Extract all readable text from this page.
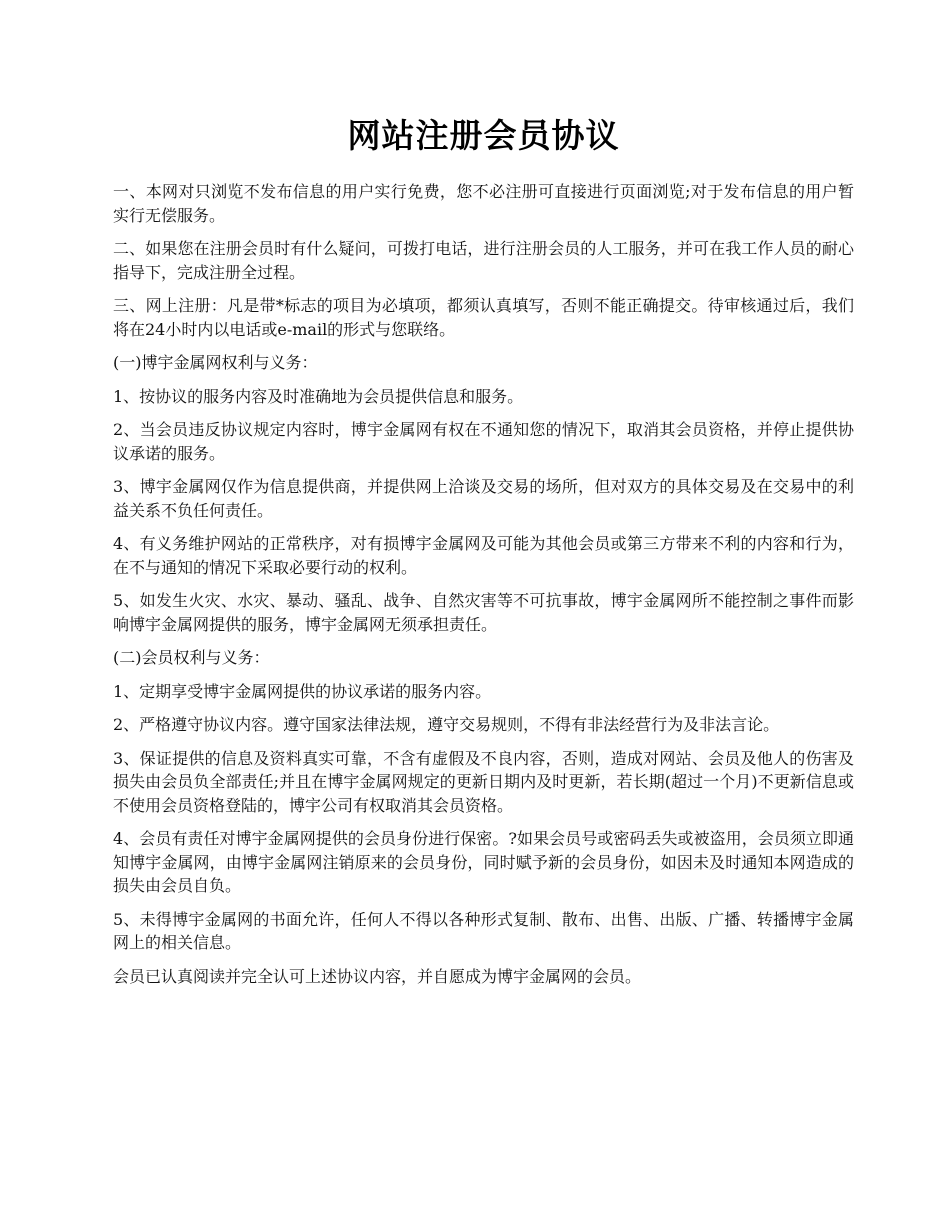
网站注册会员协议

一、本网对只浏览不发布信息的用户实行免费，您不必注册可直接进行页面浏览;对于发布信息的用户暂实行无偿服务。

二、如果您在注册会员时有什么疑问，可拨打电话，进行注册会员的人工服务，并可在我工作人员的耐心指导下，完成注册全过程。

三、网上注册：凡是带*标志的项目为必填项，都须认真填写，否则不能正确提交。待审核通过后，我们将在24小时内以电话或e-mail的形式与您联络。

(一)博宇金属网权利与义务：

1、按协议的服务内容及时准确地为会员提供信息和服务。

2、当会员违反协议规定内容时，博宇金属网有权在不通知您的情况下，取消其会员资格，并停止提供协议承诺的服务。

3、博宇金属网仅作为信息提供商，并提供网上洽谈及交易的场所，但对双方的具体交易及在交易中的利益关系不负任何责任。

4、有义务维护网站的正常秩序，对有损博宇金属网及可能为其他会员或第三方带来不利的内容和行为，在不与通知的情况下采取必要行动的权利。

5、如发生火灾、水灾、暴动、骚乱、战争、自然灾害等不可抗事故，博宇金属网所不能控制之事件而影响博宇金属网提供的服务，博宇金属网无须承担责任。

(二)会员权利与义务：

1、定期享受博宇金属网提供的协议承诺的服务内容。

2、严格遵守协议内容。遵守国家法律法规，遵守交易规则，不得有非法经营行为及非法言论。

3、保证提供的信息及资料真实可靠，不含有虚假及不良内容，否则，造成对网站、会员及他人的伤害及损失由会员负全部责任;并且在博宇金属网规定的更新日期内及时更新，若长期(超过一个月)不更新信息或不使用会员资格登陆的，博宇公司有权取消其会员资格。

4、会员有责任对博宇金属网提供的会员身份进行保密。?如果会员号或密码丢失或被盗用，会员须立即通知博宇金属网，由博宇金属网注销原来的会员身份，同时赋予新的会员身份，如因未及时通知本网造成的损失由会员自负。

5、未得博宇金属网的书面允许，任何人不得以各种形式复制、散布、出售、出版、广播、转播博宇金属网上的相关信息。

会员已认真阅读并完全认可上述协议内容，并自愿成为博宇金属网的会员。
